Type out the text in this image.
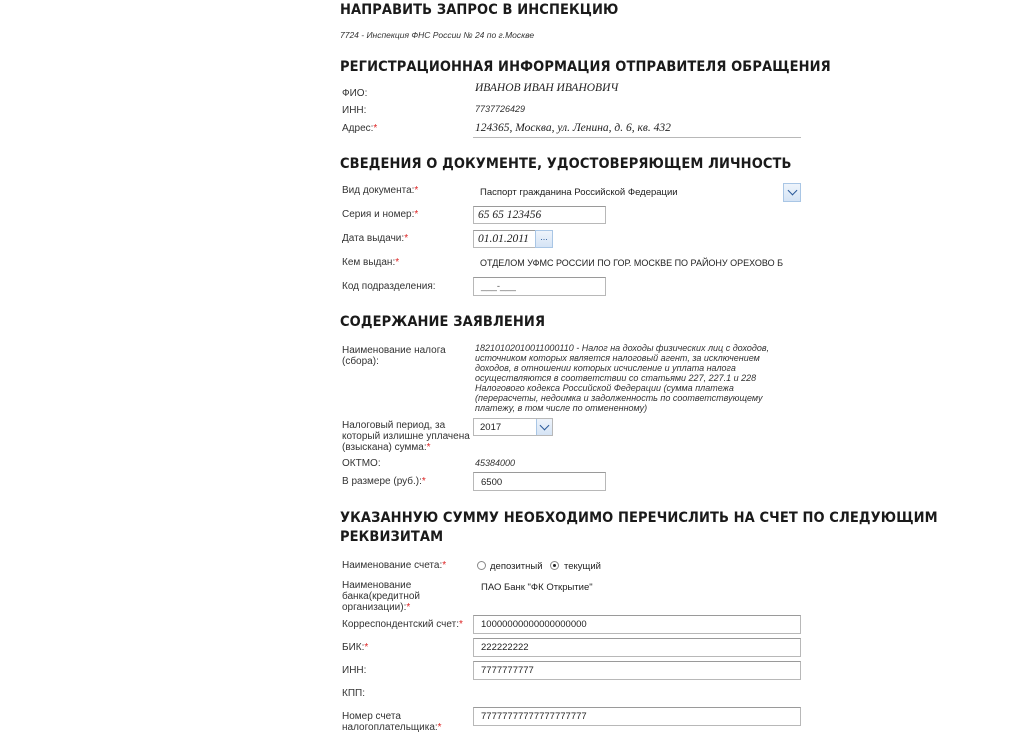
НАПРАВИТЬ ЗАПРОС В ИНСПЕКЦИЮ
7724 - Инспекция ФНС России № 24 по г.Москве
РЕГИСТРАЦИОННАЯ ИНФОРМАЦИЯ ОТПРАВИТЕЛЯ ОБРАЩЕНИЯ
ФИО:	ИВАНОВ ИВАН ИВАНОВИЧ
ИНН:	7737726429
Адрес:*	124365, Москва, ул. Ленина, д. 6, кв. 432
СВЕДЕНИЯ О ДОКУМЕНТЕ, УДОСТОВЕРЯЮЩЕМ ЛИЧНОСТЬ
Вид документа:*	Паспорт гражданина Российской Федерации
Серия и номер:*	65 65 123456
Дата выдачи:*	01.01.2011	...
Кем выдан:*	ОТДЕЛОМ УФМС РОССИИ ПО ГОР. МОСКВЕ ПО РАЙОНУ ОРЕХОВО Б
Код подразделения:	___-___
СОДЕРЖАНИЕ ЗАЯВЛЕНИЯ
Наименование налога
(сбора):
18210102010011000110 - Налог на доходы физических лиц с доходов,
источником которых является налоговый агент, за исключением
доходов, в отношении которых исчисление и уплата налога
осуществляются в соответствии со статьями 227, 227.1 и 228
Налогового кодекса Российской Федерации (сумма платежа
(перерасчеты, недоимка и задолженность по соответствующему
платежу, в том числе по отмененному)
Налоговый период, за
который излишне уплачена
(взыскана) сумма:*
2017
ОКТМО:	45384000
В размере (руб.):*	6500
УКАЗАННУЮ СУММУ НЕОБХОДИМО ПЕРЕЧИСЛИТЬ НА СЧЕТ ПО СЛЕДУЮЩИМ
РЕКВИЗИТАМ
Наименование счета:*	депозитный текущий
Наименование
банка(кредитной
организации):*
ПАО Банк "ФК Открытие"
Корреспондентский счет:* 10000000000000000000
БИК:*	222222222
ИНН:	7777777777
КПП:
Номер счета
налогоплательщика:*
77777777777777777777
